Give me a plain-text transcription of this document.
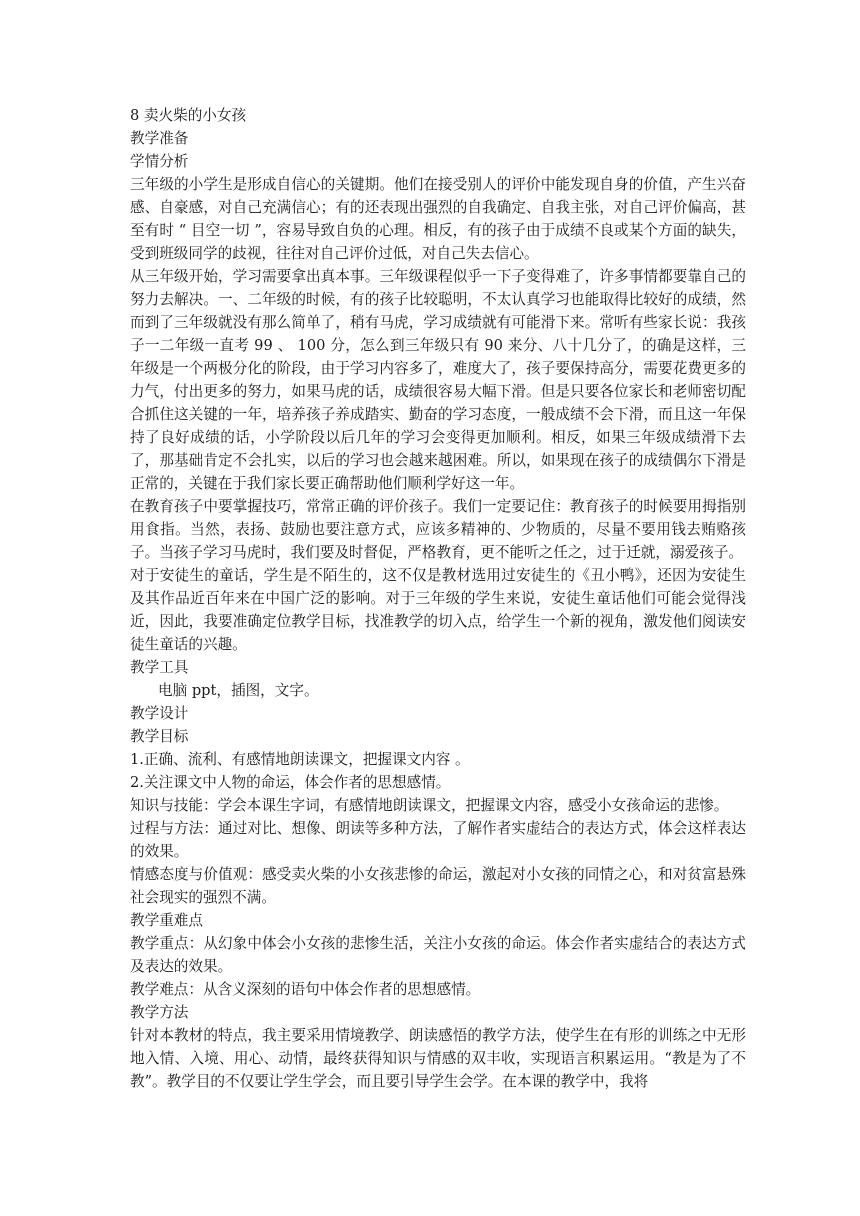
8 卖火柴的小女孩

教学准备

学情分析

三年级的小学生是形成自信心的关键期。他们在接受别人的评价中能发现自身的价值，产生兴奋感、自豪感，对自己充满信心；有的还表现出强烈的自我确定、自我主张，对自己评价偏高，甚至有时 “ 目空一切 ”，容易导致自负的心理。相反，有的孩子由于成绩不良或某个方面的缺失，受到班级同学的歧视，往往对自己评价过低，对自己失去信心。

从三年级开始，学习需要拿出真本事。三年级课程似乎一下子变得难了，许多事情都要靠自己的努力去解决。一、二年级的时候，有的孩子比较聪明，不太认真学习也能取得比较好的成绩，然而到了三年级就没有那么简单了，稍有马虎，学习成绩就有可能滑下来。常听有些家长说：我孩子一二年级一直考 99 、 100 分，怎么到三年级只有 90 来分、八十几分了，的确是这样，三年级是一个两极分化的阶段，由于学习内容多了，难度大了，孩子要保持高分，需要花费更多的力气，付出更多的努力，如果马虎的话，成绩很容易大幅下滑。但是只要各位家长和老师密切配合抓住这关键的一年，培养孩子养成踏实、勤奋的学习态度，一般成绩不会下滑，而且这一年保持了良好成绩的话，小学阶段以后几年的学习会变得更加顺利。相反，如果三年级成绩滑下去了，那基础肯定不会扎实，以后的学习也会越来越困难。所以，如果现在孩子的成绩偶尔下滑是正常的，关键在于我们家长要正确帮助他们顺利学好这一年。

在教育孩子中要掌握技巧，常常正确的评价孩子。我们一定要记住：教育孩子的时候要用拇指别用食指。当然，表扬、鼓励也要注意方式，应该多精神的、少物质的，尽量不要用钱去贿赂孩子。当孩子学习马虎时，我们要及时督促，严格教育，更不能听之任之，过于迁就，溺爱孩子。

对于安徒生的童话，学生是不陌生的，这不仅是教材选用过安徒生的《丑小鸭》，还因为安徒生及其作品近百年来在中国广泛的影响。对于三年级的学生来说，安徒生童话他们可能会觉得浅近，因此，我要准确定位教学目标，找准教学的切入点，给学生一个新的视角，激发他们阅读安徒生童话的兴趣。

教学工具

电脑 ppt，插图，文字。

教学设计

教学目标

1.正确、流利、有感情地朗读课文，把握课文内容 。

2.关注课文中人物的命运，体会作者的思想感情。

知识与技能：学会本课生字词，有感情地朗读课文，把握课文内容，感受小女孩命运的悲惨。

过程与方法：通过对比、想像、朗读等多种方法，了解作者实虚结合的表达方式，体会这样表达的效果。

情感态度与价值观：感受卖火柴的小女孩悲惨的命运，激起对小女孩的同情之心，和对贫富悬殊社会现实的强烈不满。

教学重难点

教学重点：从幻象中体会小女孩的悲惨生活，关注小女孩的命运。体会作者实虚结合的表达方式及表达的效果。

教学难点：从含义深刻的语句中体会作者的思想感情。

教学方法

针对本教材的特点，我主要采用情境教学、朗读感悟的教学方法，使学生在有形的训练之中无形地入情、入境、用心、动情，最终获得知识与情感的双丰收，实现语言积累运用。“教是为了不教”。教学目的不仅要让学生学会，而且要引导学生会学。在本课的教学中，我将
